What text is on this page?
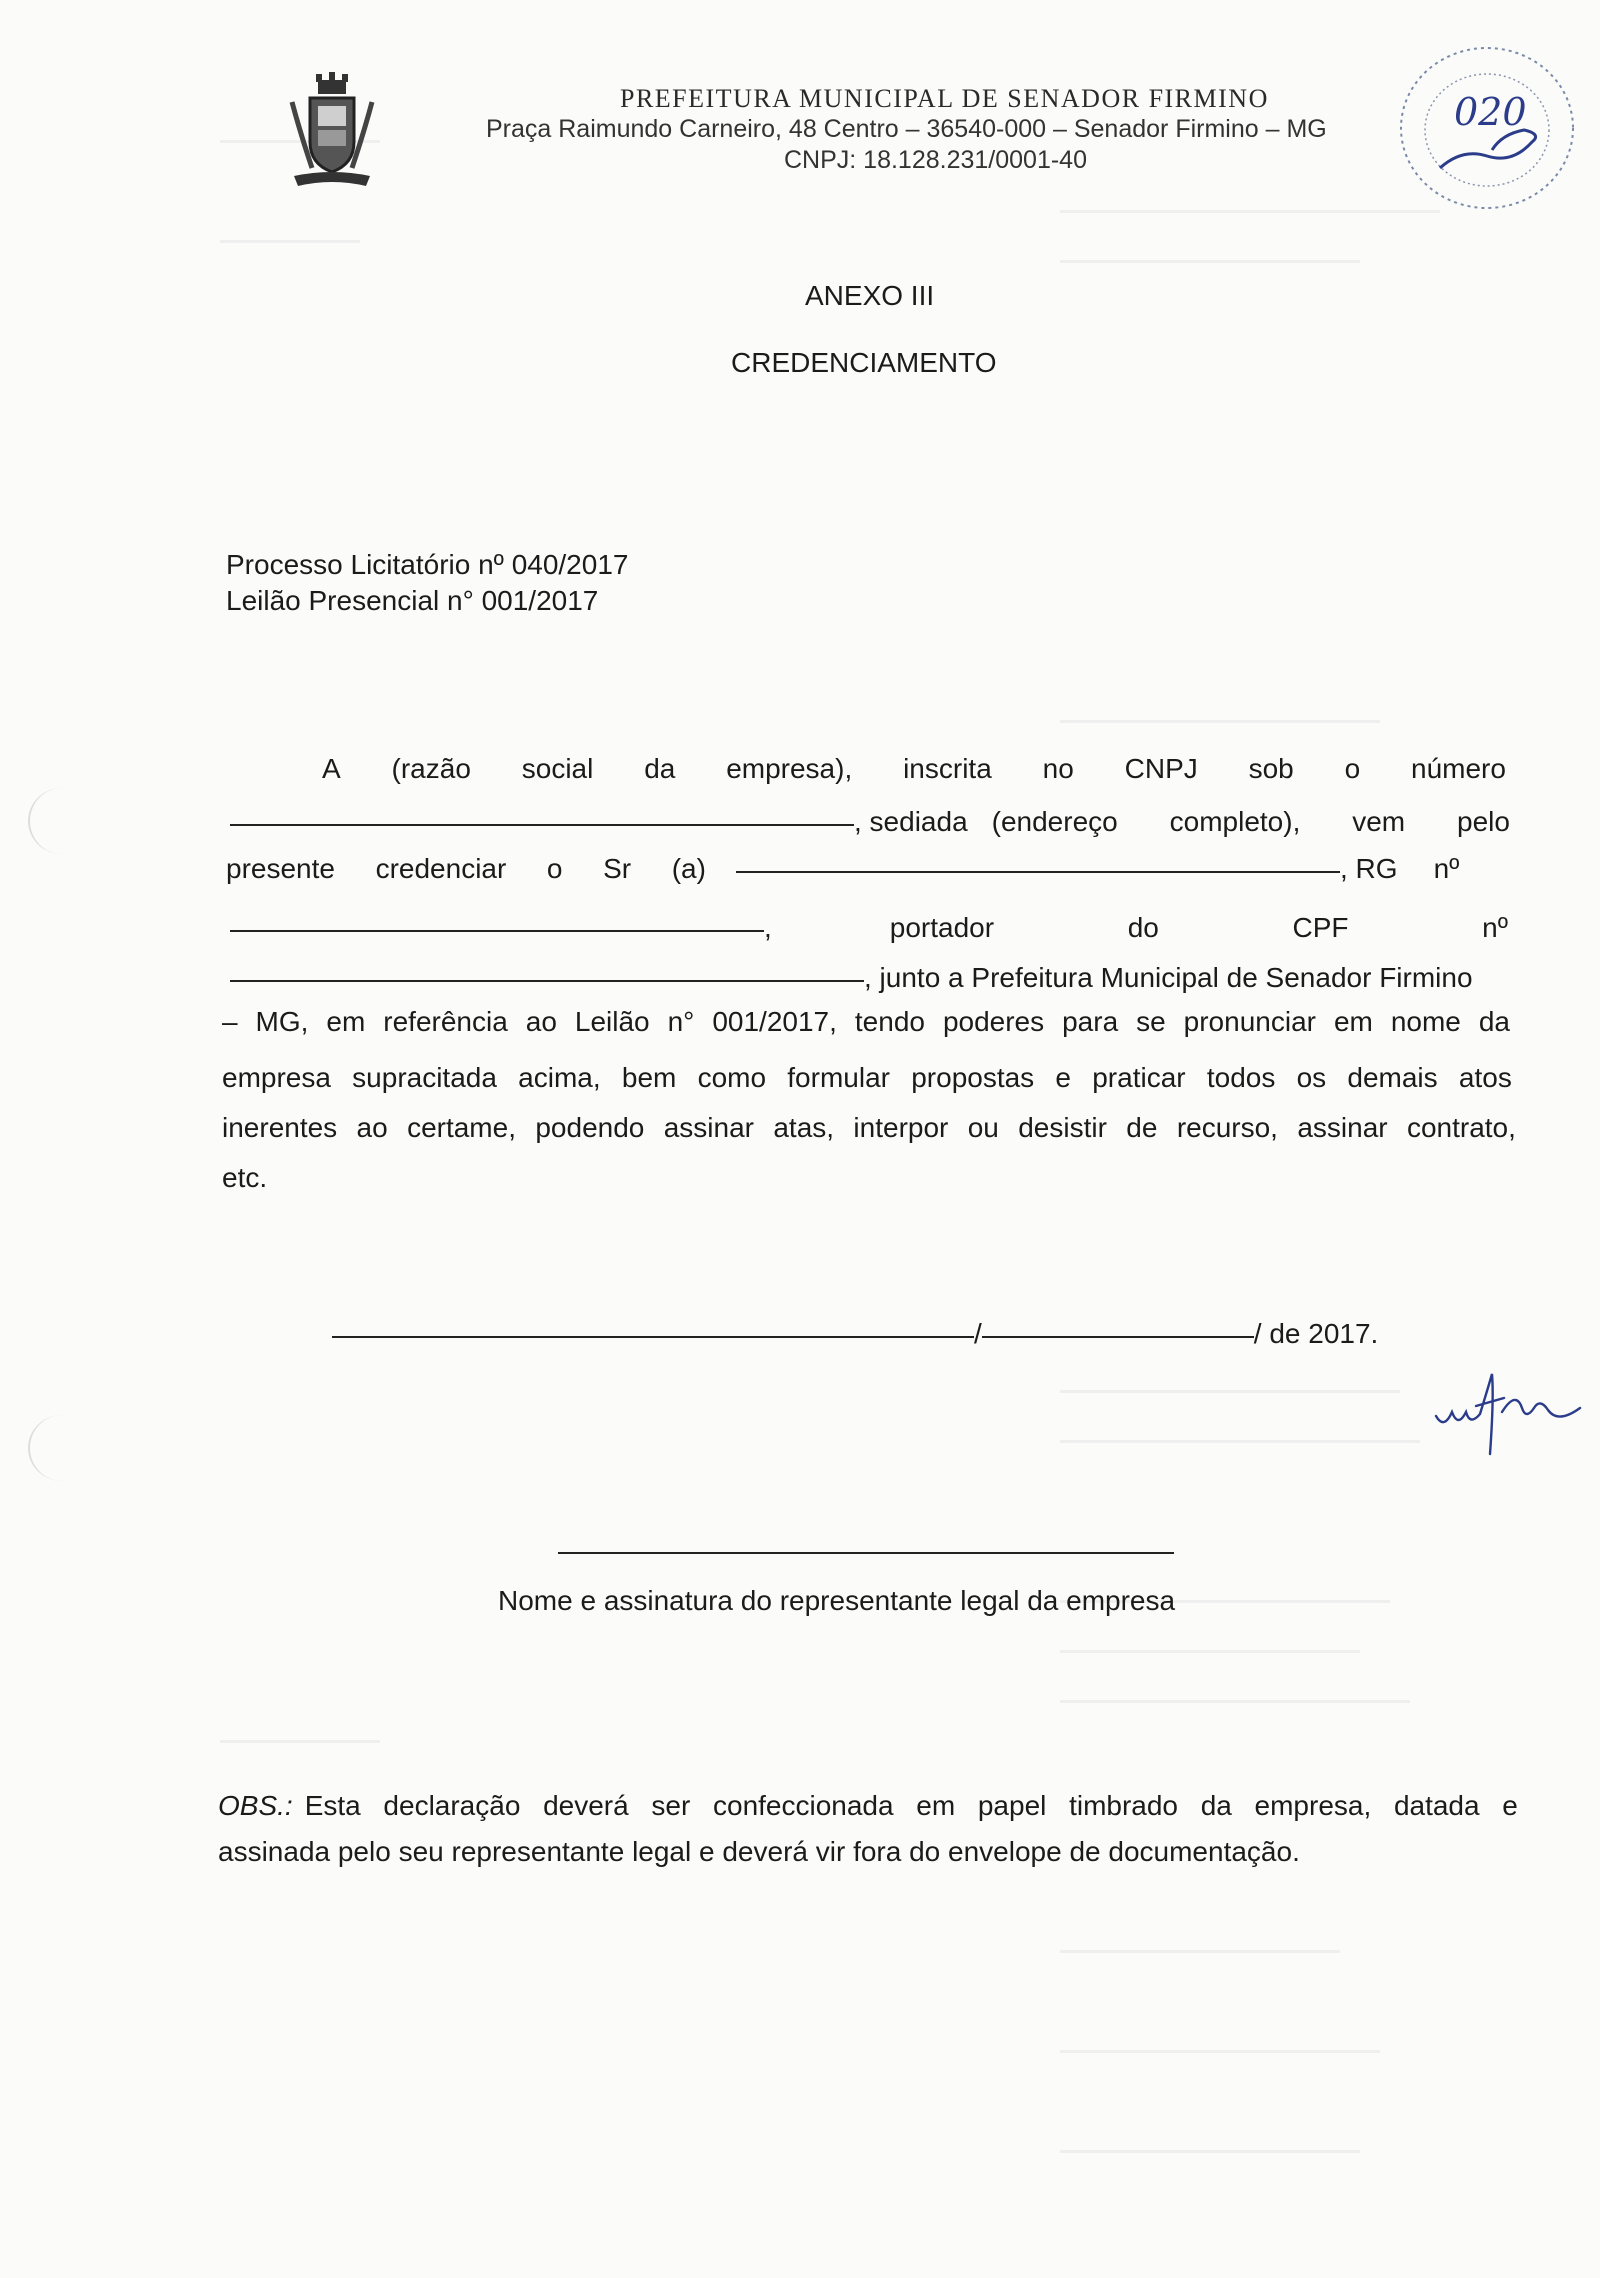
PREFEITURA MUNICIPAL DE SENADOR FIRMINO
Praça Raimundo Carneiro, 48 Centro – 36540-000 – Senador Firmino – MG
CNPJ: 18.128.231/0001-40
020
ANEXO III
CREDENCIAMENTO
Processo Licitatório nº 040/2017
Leilão Presencial n° 001/2017
A (razão social da empresa), inscrita no CNPJ sob o número
, sediada (endereço completo), vem pelo
presente credenciar o Sr (a)	, RG nº
,	portador	do	CPF	nº
, junto a Prefeitura Municipal de Senador Firmino
– MG, em referência ao Leilão n° 001/2017, tendo poderes para se pronunciar em nome da
empresa supracitada acima, bem como formular propostas e praticar todos os demais atos
inerentes ao certame, podendo assinar atas, interpor ou desistir de recurso, assinar contrato,
etc.
/	/ de 2017.
Nome e assinatura do representante legal da empresa
OBS.: Esta declaração deverá ser confeccionada em papel timbrado da empresa, datada e
assinada pelo seu representante legal e deverá vir fora do envelope de documentação.
